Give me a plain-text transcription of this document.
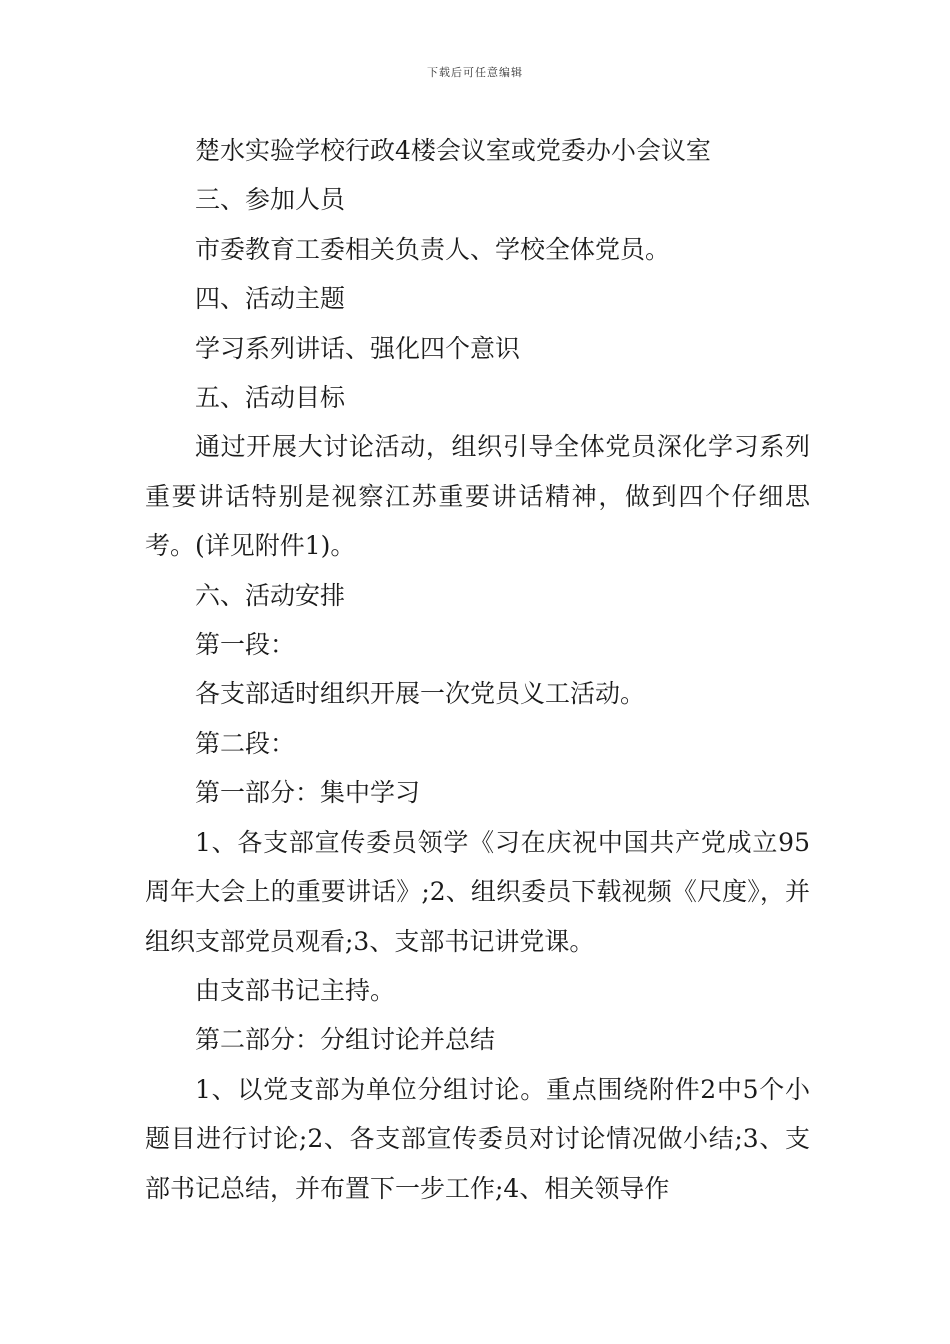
下载后可任意编辑

楚水实验学校行政4楼会议室或党委办小会议室

三、参加人员

市委教育工委相关负责人、学校全体党员。

四、活动主题

学习系列讲话、强化四个意识

五、活动目标

通过开展大讨论活动，组织引导全体党员深化学习系列重要讲话特别是视察江苏重要讲话精神，做到四个仔细思考。(详见附件1)。

六、活动安排

第一段：

各支部适时组织开展一次党员义工活动。

第二段：

第一部分：集中学习

1、各支部宣传委员领学《习在庆祝中国共产党成立95周年大会上的重要讲话》;2、组织委员下载视频《尺度》，并组织支部党员观看;3、支部书记讲党课。

由支部书记主持。

第二部分：分组讨论并总结

1、以党支部为单位分组讨论。重点围绕附件2中5个小题目进行讨论;2、各支部宣传委员对讨论情况做小结;3、支部书记总结，并布置下一步工作;4、相关领导作
